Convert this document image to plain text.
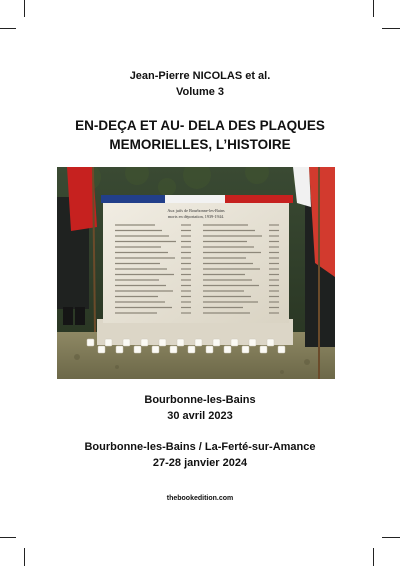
Jean-Pierre NICOLAS et al.
Volume 3
EN-DEÇA ET AU- DELA DES PLAQUES
MEMORIELLES, L’HISTOIRE
Aux juifs de Bourbonne-les-Bains
morts en déportation, 1939-1944.
Bourbonne-les-Bains
30 avril 2023
Bourbonne-les-Bains / La-Ferté-sur-Amance
27-28 janvier 2024
thebookedition.com
